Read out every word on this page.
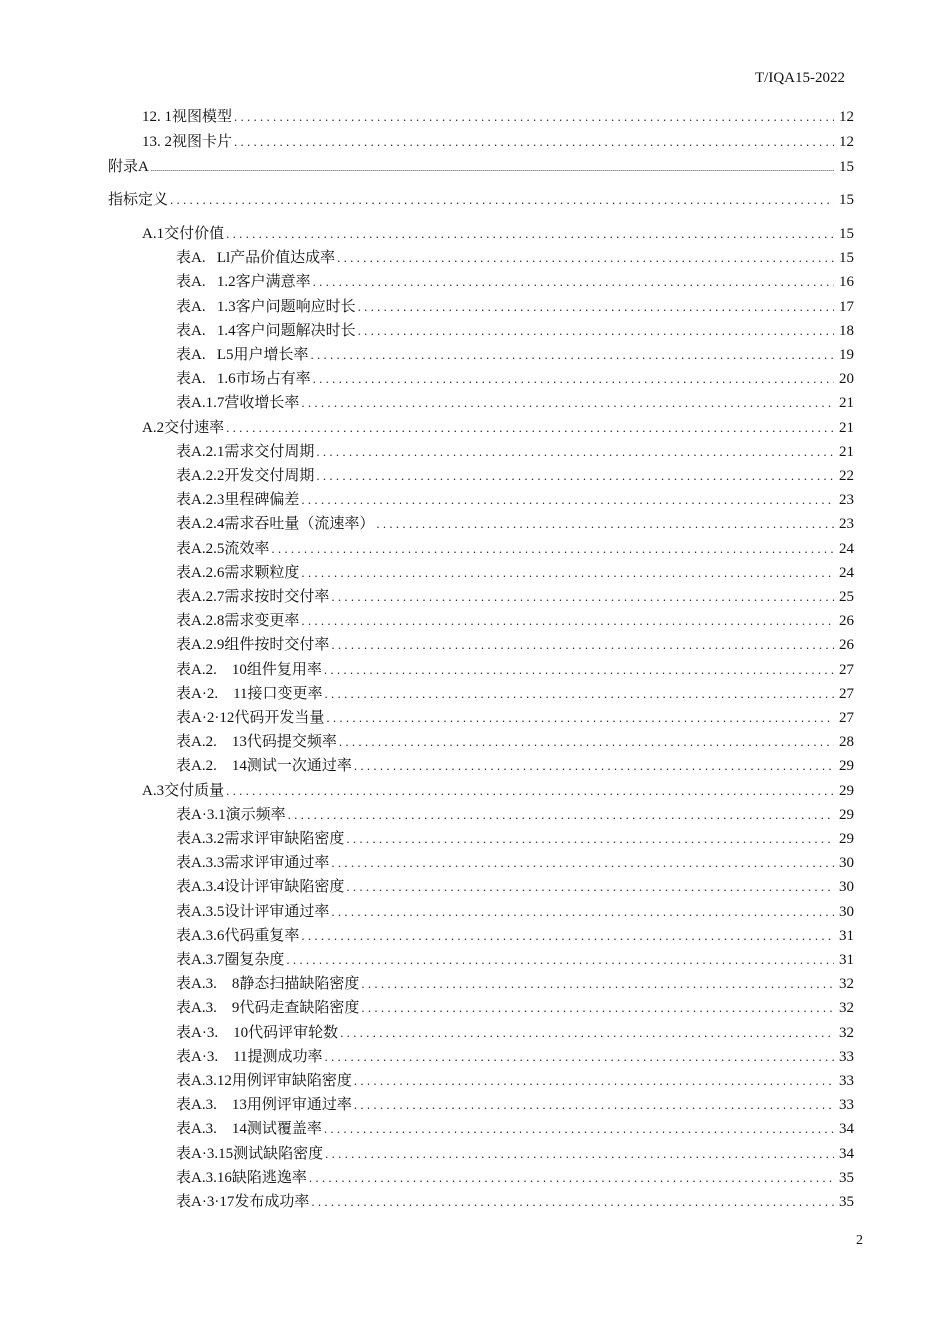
T/IQA15-2022
12. 1视图模型 . . .	12
13. 2视图卡片 . . .	12
附录A .....	15
指标定义 . . .	15
A.1交付价值 . . .	15
表A.   Ll产品价值达成率 . . .	15
表A.   1.2客户满意率 . . .	16
表A.   1.3客户问题响应时长 . . .	17
表A.   1.4客户问题解决时长 . . .	18
表A.   L5用户增长率 . . .	19
表A.   1.6市场占有率 . . .	20
表A.1.7营收增长率 . . .	21
A.2交付速率 . . .	21
表A.2.1需求交付周期 . . .	21
表A.2.2开发交付周期 . . .	22
表A.2.3里程碑偏差 . . .	23
表A.2.4需求吞吐量（流速率） . . .	23
表A.2.5流效率 . . .	24
表A.2.6需求颗粒度 . . .	24
表A.2.7需求按时交付率 . . .	25
表A.2.8需求变更率 . . .	26
表A.2.9组件按时交付率 . . .	26
表A.2.    10组件复用率 . . .	27
表A·2.    11接口变更率 . . .	27
表A·2·12代码开发当量 . . .	27
表A.2.    13代码提交频率 . . .	28
表A.2.    14测试一次通过率 . . .	29
A.3交付质量 . . .	29
表A·3.1演示频率 . . .	29
表A.3.2需求评审缺陷密度 . . .	29
表A.3.3需求评审通过率 . . .	30
表A.3.4设计评审缺陷密度 . . .	30
表A.3.5设计评审通过率 . . .	30
表A.3.6代码重复率 . . .	31
表A.3.7圈复杂度 . . .	31
表A.3.    8静态扫描缺陷密度 . . .	32
表A.3.    9代码走查缺陷密度 . . .	32
表A·3.    10代码评审轮数 . . .	32
表A·3.    11提测成功率 . . .	33
表A.3.12用例评审缺陷密度 . . .	33
表A.3.    13用例评审通过率 . . .	33
表A.3.    14测试覆盖率 . . .	34
表A·3.15测试缺陷密度 . . .	34
表A.3.16缺陷逃逸率 . . .	35
表A·3·17发布成功率 . . .	35
2
